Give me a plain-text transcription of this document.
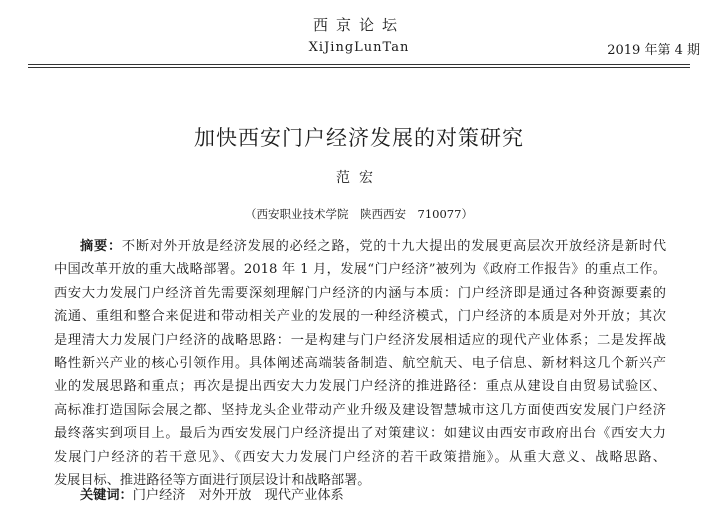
西京论坛
XiJingLunTan	2019 年第 4 期
加快西安门户经济发展的对策研究
范宏
（西安职业技术学院　陕西西安　710077）
摘要：不断对外开放是经济发展的必经之路，党的十九大提出的发展更高层次开放经济是新时代
中国改革开放的重大战略部署。2018 年 1 月，发展“门户经济”被列为《政府工作报告》的重点工作。
西安大力发展门户经济首先需要深刻理解门户经济的内涵与本质：门户经济即是通过各种资源要素的
流通、重组和整合来促进和带动相关产业的发展的一种经济模式，门户经济的本质是对外开放；其次
是理清大力发展门户经济的战略思路：一是构建与门户经济发展相适应的现代产业体系；二是发挥战
略性新兴产业的核心引领作用。具体阐述高端装备制造、航空航天、电子信息、新材料这几个新兴产
业的发展思路和重点；再次是提出西安大力发展门户经济的推进路径：重点从建设自由贸易试验区、
高标准打造国际会展之都、坚持龙头企业带动产业升级及建设智慧城市这几方面使西安发展门户经济
最终落实到项目上。最后为西安发展门户经济提出了对策建议：如建议由西安市政府出台《西安大力
发展门户经济的若干意见》、《西安大力发展门户经济的若干政策措施》。从重大意义、战略思路、
发展目标、推进路径等方面进行顶层设计和战略部署。
关键词：门户经济　对外开放　现代产业体系
